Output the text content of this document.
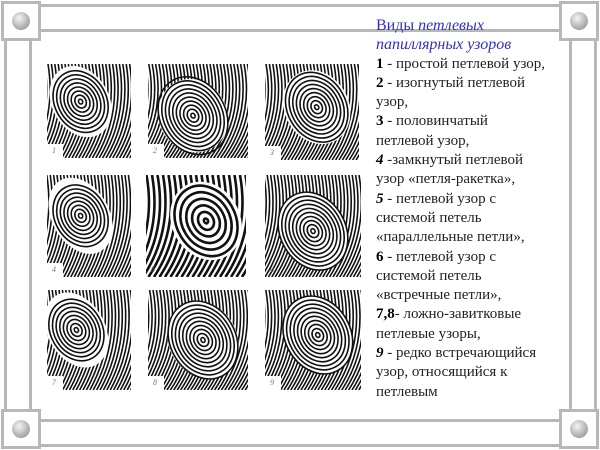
1	2	3
4	5	6
7	8	9
Виды петлевых
папиллярных узоров
1 - простой петлевой узор,
2 - изогнутый петлевой
узор,
3 - половинчатый
петлевой узор,
4 -замкнутый петлевой
узор «петля-ракетка»,
5 - петлевой узор с
системой петель
«параллельные петли»,
6 - петлевой узор с
системой петель
«встречные петли»,
7,8- ложно-завитковые
петлевые узоры,
9 - редко встречающийся
узор, относящийся к
петлевым
